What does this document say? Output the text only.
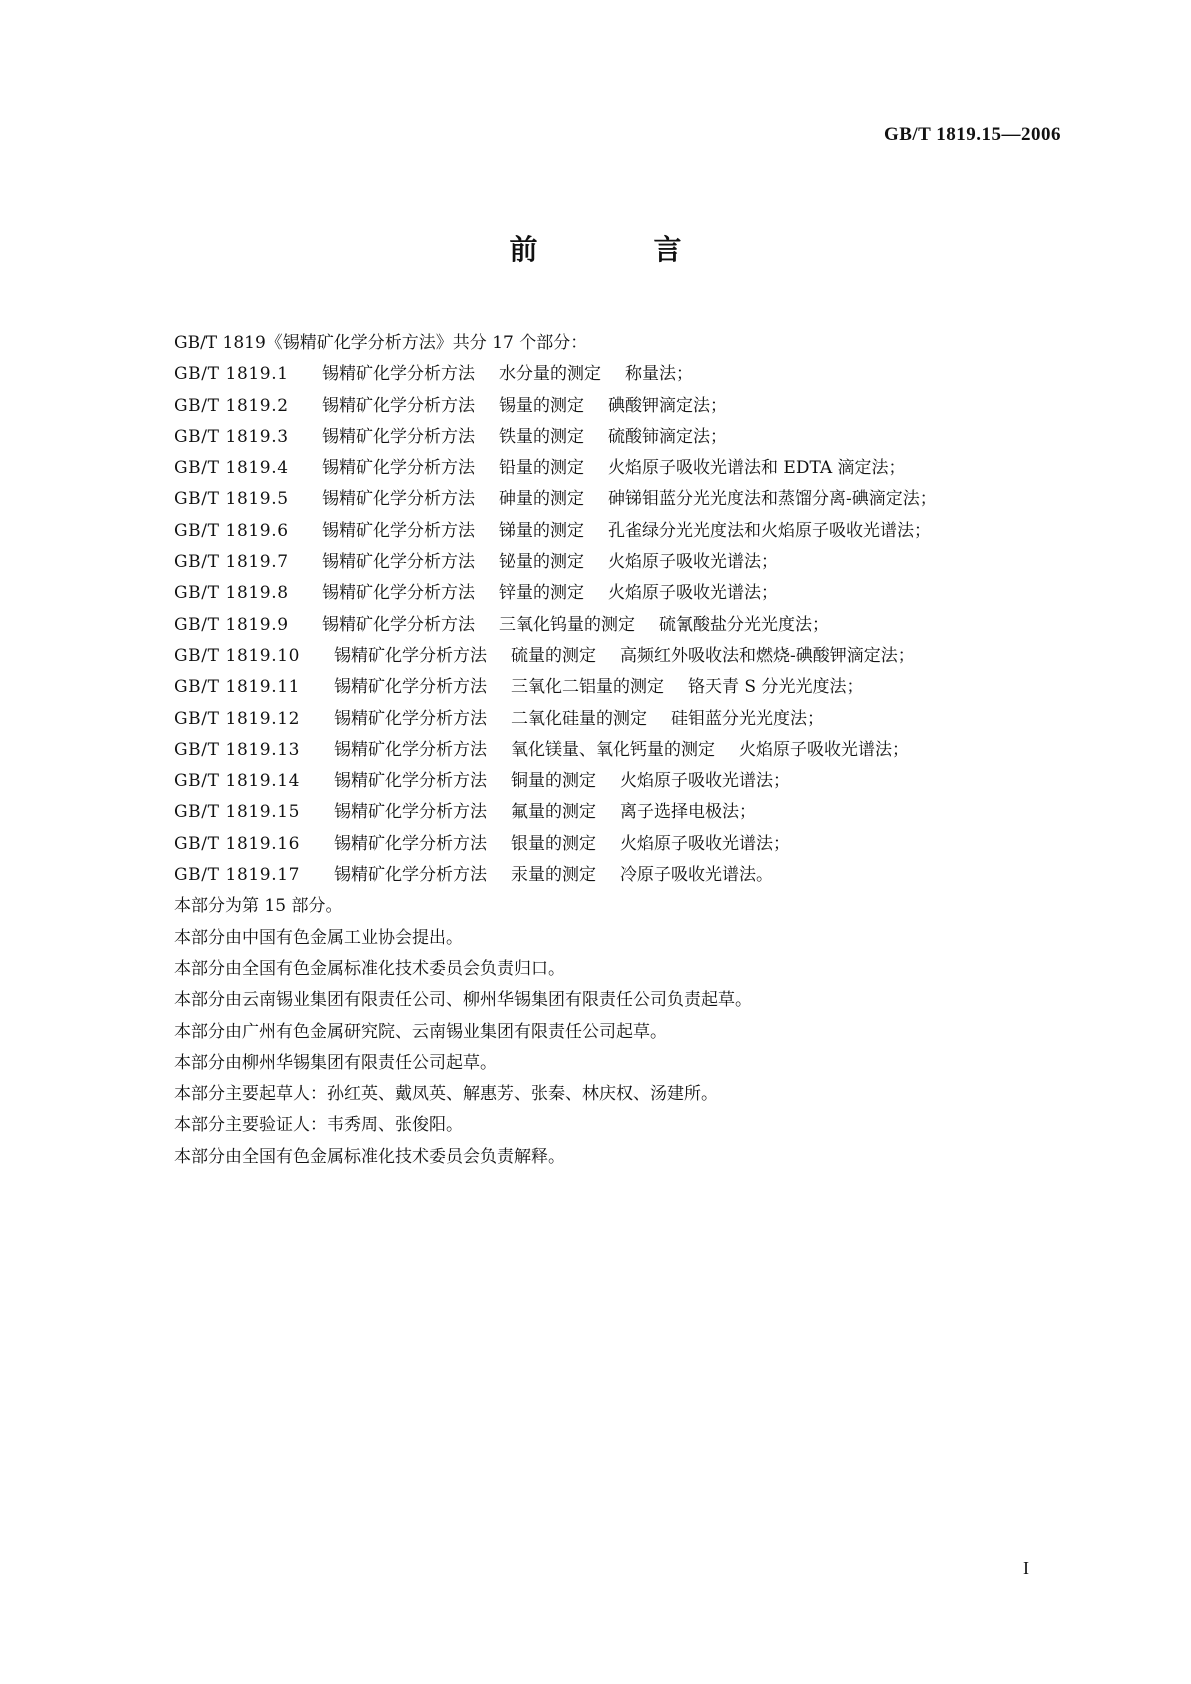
GB/T 1819.15—2006
前　言
GB/T 1819《锡精矿化学分析方法》共分 17 个部分：
GB/T 1819.1	锡精矿化学分析方法 水分量的测定 称量法；
GB/T 1819.2	锡精矿化学分析方法 锡量的测定 碘酸钾滴定法；
GB/T 1819.3	锡精矿化学分析方法 铁量的测定 硫酸铈滴定法；
GB/T 1819.4	锡精矿化学分析方法 铅量的测定 火焰原子吸收光谱法和 EDTA 滴定法；
GB/T 1819.5	锡精矿化学分析方法 砷量的测定 砷锑钼蓝分光光度法和蒸馏分离-碘滴定法；
GB/T 1819.6	锡精矿化学分析方法 锑量的测定 孔雀绿分光光度法和火焰原子吸收光谱法；
GB/T 1819.7	锡精矿化学分析方法 铋量的测定 火焰原子吸收光谱法；
GB/T 1819.8	锡精矿化学分析方法 锌量的测定 火焰原子吸收光谱法；
GB/T 1819.9	锡精矿化学分析方法 三氧化钨量的测定 硫氰酸盐分光光度法；
GB/T 1819.10	锡精矿化学分析方法 硫量的测定 高频红外吸收法和燃烧-碘酸钾滴定法；
GB/T 1819.11	锡精矿化学分析方法 三氧化二铝量的测定 铬天青 S 分光光度法；
GB/T 1819.12	锡精矿化学分析方法 二氧化硅量的测定 硅钼蓝分光光度法；
GB/T 1819.13	锡精矿化学分析方法 氧化镁量、氧化钙量的测定 火焰原子吸收光谱法；
GB/T 1819.14	锡精矿化学分析方法 铜量的测定 火焰原子吸收光谱法；
GB/T 1819.15	锡精矿化学分析方法 氟量的测定 离子选择电极法；
GB/T 1819.16	锡精矿化学分析方法 银量的测定 火焰原子吸收光谱法；
GB/T 1819.17	锡精矿化学分析方法 汞量的测定 冷原子吸收光谱法。
本部分为第 15 部分。
本部分由中国有色金属工业协会提出。
本部分由全国有色金属标准化技术委员会负责归口。
本部分由云南锡业集团有限责任公司、柳州华锡集团有限责任公司负责起草。
本部分由广州有色金属研究院、云南锡业集团有限责任公司起草。
本部分由柳州华锡集团有限责任公司起草。
本部分主要起草人：孙红英、戴凤英、解惠芳、张秦、林庆权、汤建所。
本部分主要验证人：韦秀周、张俊阳。
本部分由全国有色金属标准化技术委员会负责解释。
I
